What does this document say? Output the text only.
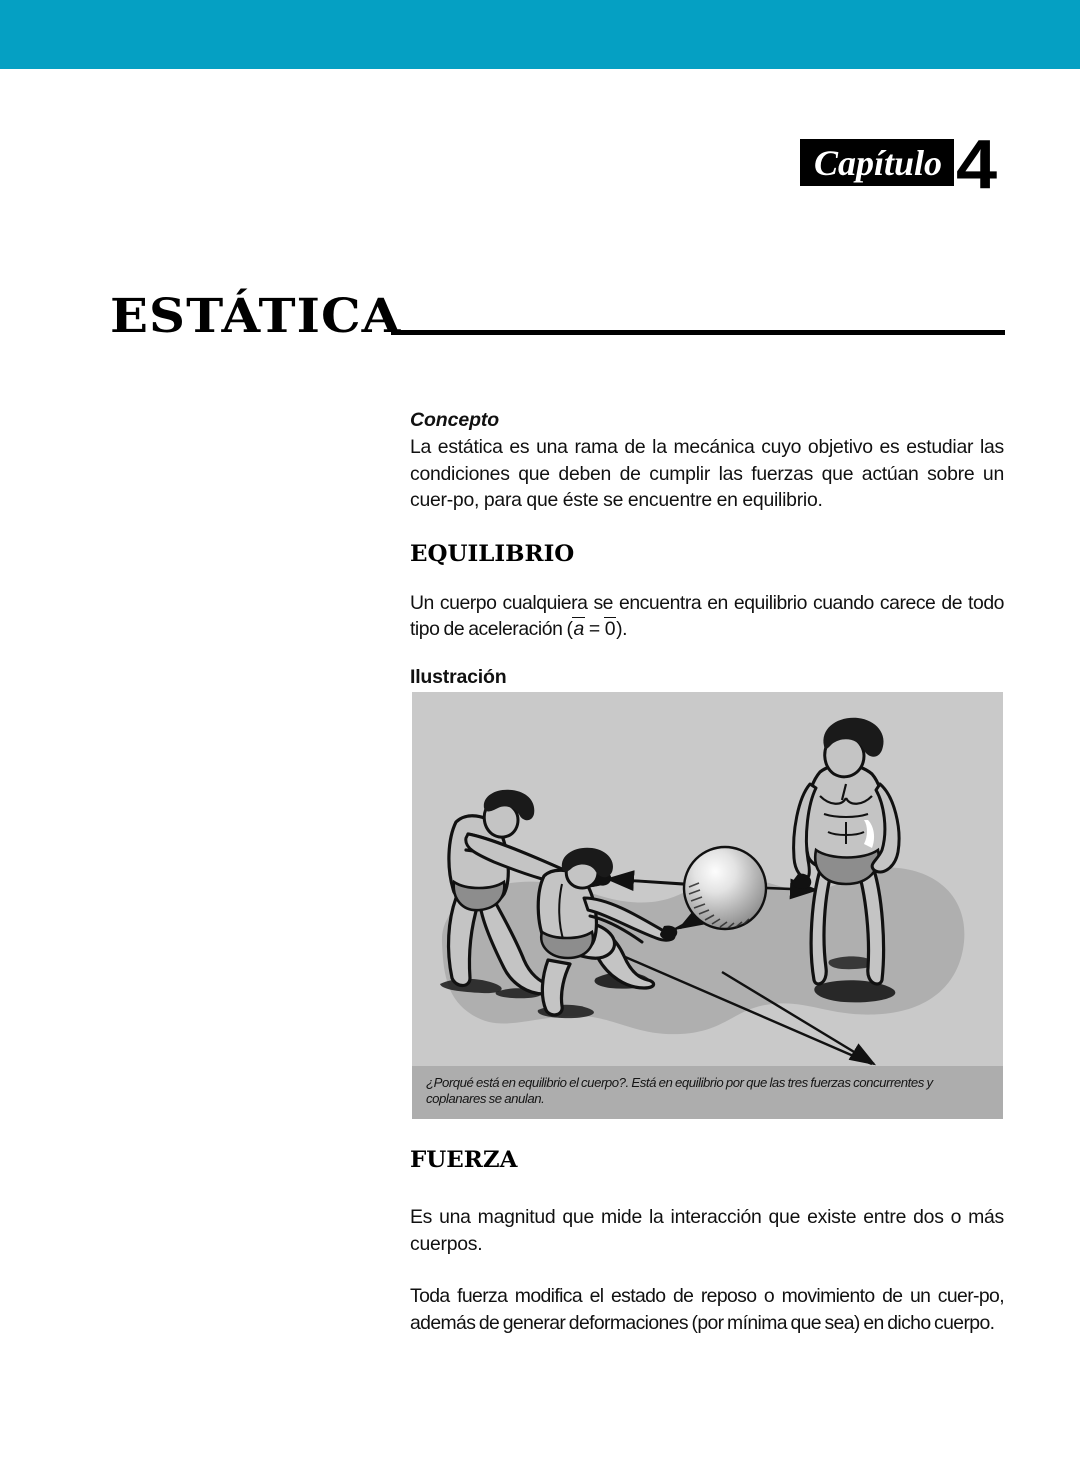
Capítulo 4
ESTÁTICA
Concepto

La estática es una rama de la mecánica cuyo objetivo es estudiar las condiciones que deben de cumplir las fuerzas que actúan sobre un cuer-po, para que éste se encuentre en equilibrio.

EQUILIBRIO

Un cuerpo cualquiera se encuentra en equilibrio cuando carece de todo tipo de aceleración (a = 0).

Ilustración

¿Porqué está en equilibrio el cuerpo?. Está en equilibrio por que las tres fuerzas concurrentes y coplanares se anulan.

FUERZA

Es una magnitud que mide la interacción que existe entre dos o más cuerpos.

Toda fuerza modifica el estado de reposo o movimiento de un cuer-po, además de generar deformaciones (por mínima que sea) en dicho cuerpo.
